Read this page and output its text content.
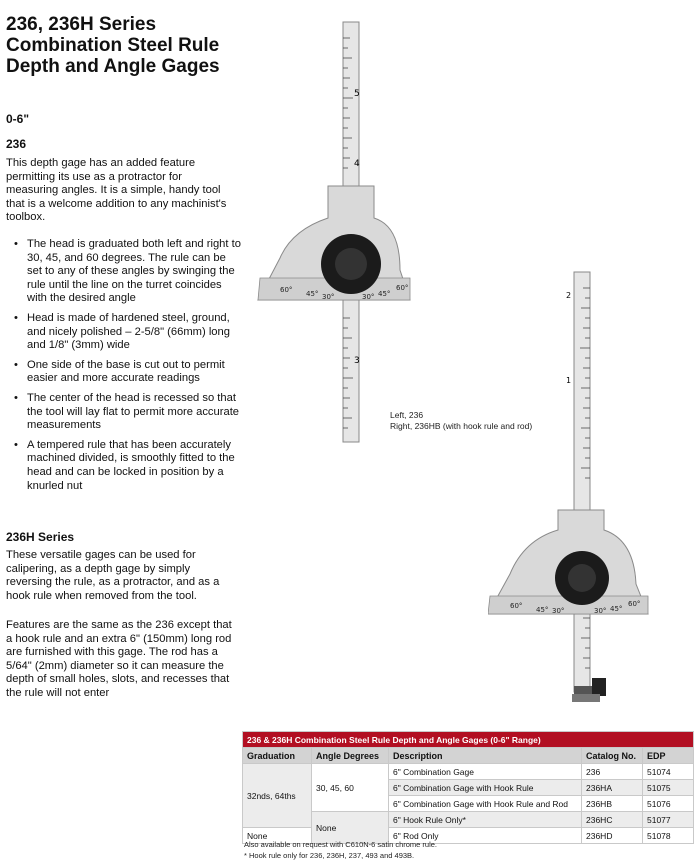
236, 236H Series Combination Steel Rule Depth and Angle Gages
0-6"
236

This depth gage has an added feature permitting its use as a protractor for measuring angles. It is a simple, handy tool that is a welcome addition to any machinist's toolbox.

• The head is graduated both left and right to 30, 45, and 60 degrees. The rule can be set to any of these angles by swinging the rule until the line on the turret coincides with the desired angle
• Head is made of hardened steel, ground, and nicely polished – 2-5/8" (66mm) long and 1/8" (3mm) wide
• One side of the base is cut out to permit easier and more accurate readings
• The center of the head is recessed so that the tool will lay flat to permit more accurate measurements
• A tempered rule that has been accurately machined divided, is smoothly fitted to the head and can be locked in position by a knurled nut
236H Series

These versatile gages can be used for calipering, as a depth gage by simply reversing the rule, as a protractor, and as a hook rule when removed from the tool.

Features are the same as the 236 except that a hook rule and an extra 6" (150mm) long rod are furnished with this gage. The rod has a 5/64" (2mm) diameter so it can measure the depth of small holes, slots, and recesses that the rule will not enter

5
4
3
60° 45° 30°	30° 45°
60°
Left, 236
Right, 236HB (with hook rule and rod)
2
1
60° 45° 30°	30° 45°
60°
236 & 236H Combination Steel Rule Depth and Angle Gages (0-6" Range)				
Graduation	Angle Degrees	Description	Catalog No.	EDP
32nds, 64ths	30, 45, 60	6" Combination Gage	236	51074
		6" Combination Gage with Hook Rule	236HA	51075
		6" Combination Gage with Hook Rule and Rod	236HB	51076
	None	6" Hook Rule Only*	236HC	51077
None		6" Rod Only	236HD	51078
Also available on request with C610N-6 satin chrome rule.
* Hook rule only for 236, 236H, 237, 493 and 493B.
